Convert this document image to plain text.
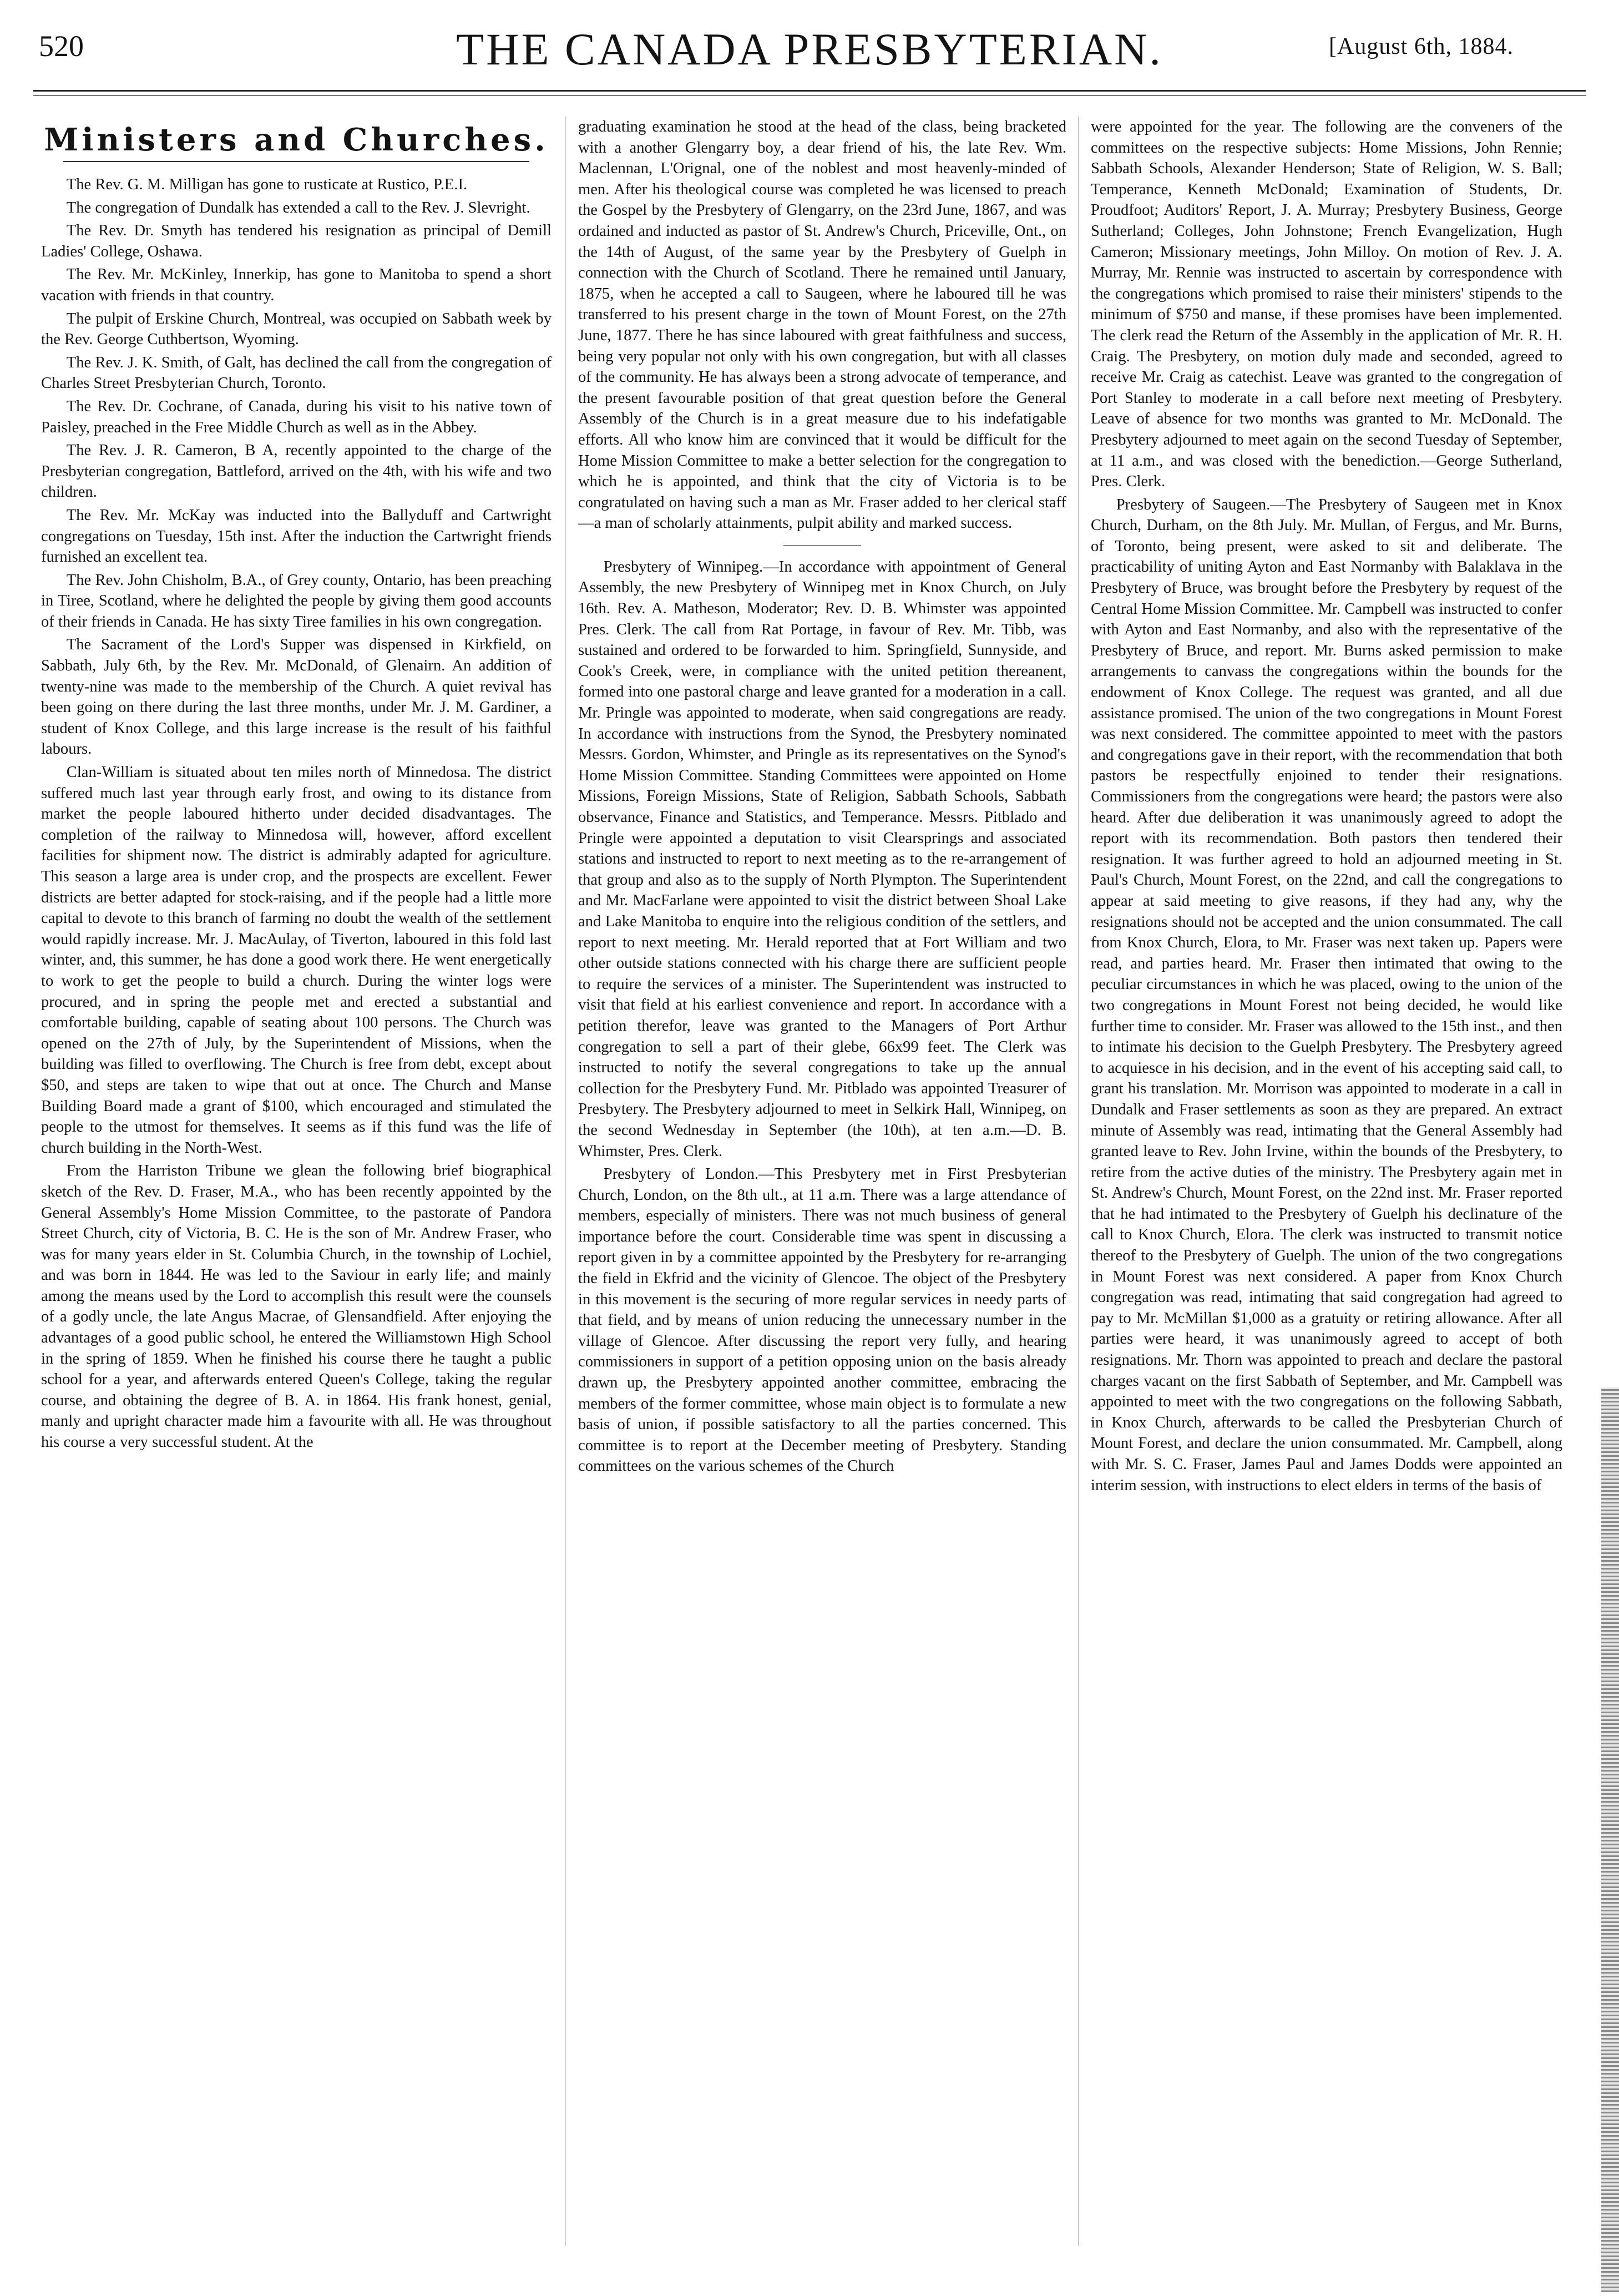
520	THE CANADA PRESBYTERIAN.	[August 6th, 1884.
Ministers and Churches.

The Rev. G. M. Milligan has gone to rusticate at Rustico, P.E.I.

The congregation of Dundalk has extended a call to the Rev. J. Slevright.

The Rev. Dr. Smyth has tendered his resignation as principal of Demill Ladies' College, Oshawa.

The Rev. Mr. McKinley, Innerkip, has gone to Manitoba to spend a short vacation with friends in that country.

The pulpit of Erskine Church, Montreal, was occupied on Sabbath week by the Rev. George Cuthbertson, Wyoming.

The Rev. J. K. Smith, of Galt, has declined the call from the congregation of Charles Street Presbyterian Church, Toronto.

The Rev. Dr. Cochrane, of Canada, during his visit to his native town of Paisley, preached in the Free Middle Church as well as in the Abbey.

The Rev. J. R. Cameron, B A, recently appointed to the charge of the Presbyterian congregation, Battleford, arrived on the 4th, with his wife and two children.

The Rev. Mr. McKay was inducted into the Ballyduff and Cartwright congregations on Tuesday, 15th inst. After the induction the Cartwright friends furnished an excellent tea.

The Rev. John Chisholm, B.A., of Grey county, Ontario, has been preaching in Tiree, Scotland, where he delighted the people by giving them good accounts of their friends in Canada. He has sixty Tiree families in his own congregation.

The Sacrament of the Lord's Supper was dispensed in Kirkfield, on Sabbath, July 6th, by the Rev. Mr. McDonald, of Glenairn. An addition of twenty-nine was made to the membership of the Church. A quiet revival has been going on there during the last three months, under Mr. J. M. Gardiner, a student of Knox College, and this large increase is the result of his faithful labours.

Clan-William is situated about ten miles north of Minnedosa. The district suffered much last year through early frost, and owing to its distance from market the people laboured hitherto under decided disadvantages. The completion of the railway to Minnedosa will, however, afford excellent facilities for shipment now. The district is admirably adapted for agriculture. This season a large area is under crop, and the prospects are excellent. Fewer districts are better adapted for stock-raising, and if the people had a little more capital to devote to this branch of farming no doubt the wealth of the settlement would rapidly increase. Mr. J. MacAulay, of Tiverton, laboured in this fold last winter, and, this summer, he has done a good work there. He went energetically to work to get the people to build a church. During the winter logs were procured, and in spring the people met and erected a substantial and comfortable building, capable of seating about 100 persons. The Church was opened on the 27th of July, by the Superintendent of Missions, when the building was filled to overflowing. The Church is free from debt, except about $50, and steps are taken to wipe that out at once. The Church and Manse Building Board made a grant of $100, which encouraged and stimulated the people to the utmost for themselves. It seems as if this fund was the life of church building in the North-West.

From the Harriston Tribune we glean the following brief biographical sketch of the Rev. D. Fraser, M.A., who has been recently appointed by the General Assembly's Home Mission Committee, to the pastorate of Pandora Street Church, city of Victoria, B. C. He is the son of Mr. Andrew Fraser, who was for many years elder in St. Columbia Church, in the township of Lochiel, and was born in 1844. He was led to the Saviour in early life; and mainly among the means used by the Lord to accomplish this result were the counsels of a godly uncle, the late Angus Macrae, of Glensandfield. After enjoying the advantages of a good public school, he entered the Williamstown High School in the spring of 1859. When he finished his course there he taught a public school for a year, and afterwards entered Queen's College, taking the regular course, and obtaining the degree of B. A. in 1864. His frank honest, genial, manly and upright character made him a favourite with all. He was throughout his course a very successful student. At the

graduating examination he stood at the head of the class, being bracketed with a another Glengarry boy, a dear friend of his, the late Rev. Wm. Maclennan, L'Orignal, one of the noblest and most heavenly-minded of men. After his theological course was completed he was licensed to preach the Gospel by the Presbytery of Glengarry, on the 23rd June, 1867, and was ordained and inducted as pastor of St. Andrew's Church, Priceville, Ont., on the 14th of August, of the same year by the Presbytery of Guelph in connection with the Church of Scotland. There he remained until January, 1875, when he accepted a call to Saugeen, where he laboured till he was transferred to his present charge in the town of Mount Forest, on the 27th June, 1877. There he has since laboured with great faithfulness and success, being very popular not only with his own congregation, but with all classes of the community. He has always been a strong advocate of temperance, and the present favourable position of that great question before the General Assembly of the Church is in a great measure due to his indefatigable efforts. All who know him are convinced that it would be difficult for the Home Mission Committee to make a better selection for the congregation to which he is appointed, and think that the city of Victoria is to be congratulated on having such a man as Mr. Fraser added to her clerical staff—a man of scholarly attainments, pulpit ability and marked success.

Presbytery of Winnipeg.—In accordance with appointment of General Assembly, the new Presbytery of Winnipeg met in Knox Church, on July 16th. Rev. A. Matheson, Moderator; Rev. D. B. Whimster was appointed Pres. Clerk. The call from Rat Portage, in favour of Rev. Mr. Tibb, was sustained and ordered to be forwarded to him. Springfield, Sunnyside, and Cook's Creek, were, in compliance with the united petition thereanent, formed into one pastoral charge and leave granted for a moderation in a call. Mr. Pringle was appointed to moderate, when said congregations are ready. In accordance with instructions from the Synod, the Presbytery nominated Messrs. Gordon, Whimster, and Pringle as its representatives on the Synod's Home Mission Committee. Standing Committees were appointed on Home Missions, Foreign Missions, State of Religion, Sabbath Schools, Sabbath observance, Finance and Statistics, and Temperance. Messrs. Pitblado and Pringle were appointed a deputation to visit Clearsprings and associated stations and instructed to report to next meeting as to the re-arrangement of that group and also as to the supply of North Plympton. The Superintendent and Mr. MacFarlane were appointed to visit the district between Shoal Lake and Lake Manitoba to enquire into the religious condition of the settlers, and report to next meeting. Mr. Herald reported that at Fort William and two other outside stations connected with his charge there are sufficient people to require the services of a minister. The Superintendent was instructed to visit that field at his earliest convenience and report. In accordance with a petition therefor, leave was granted to the Managers of Port Arthur congregation to sell a part of their glebe, 66x99 feet. The Clerk was instructed to notify the several congregations to take up the annual collection for the Presbytery Fund. Mr. Pitblado was appointed Treasurer of Presbytery. The Presbytery adjourned to meet in Selkirk Hall, Winnipeg, on the second Wednesday in September (the 10th), at ten a.m.—D. B. Whimster, Pres. Clerk.

Presbytery of London.—This Presbytery met in First Presbyterian Church, London, on the 8th ult., at 11 a.m. There was a large attendance of members, especially of ministers. There was not much business of general importance before the court. Considerable time was spent in discussing a report given in by a committee appointed by the Presbytery for re-arranging the field in Ekfrid and the vicinity of Glencoe. The object of the Presbytery in this movement is the securing of more regular services in needy parts of that field, and by means of union reducing the unnecessary number in the village of Glencoe. After discussing the report very fully, and hearing commissioners in support of a petition opposing union on the basis already drawn up, the Presbytery appointed another committee, embracing the members of the former committee, whose main object is to formulate a new basis of union, if possible satisfactory to all the parties concerned. This committee is to report at the December meeting of Presbytery. Standing committees on the various schemes of the Church

were appointed for the year. The following are the conveners of the committees on the respective subjects: Home Missions, John Rennie; Sabbath Schools, Alexander Henderson; State of Religion, W. S. Ball; Temperance, Kenneth McDonald; Examination of Students, Dr. Proudfoot; Auditors' Report, J. A. Murray; Presbytery Business, George Sutherland; Colleges, John Johnstone; French Evangelization, Hugh Cameron; Missionary meetings, John Milloy. On motion of Rev. J. A. Murray, Mr. Rennie was instructed to ascertain by correspondence with the congregations which promised to raise their ministers' stipends to the minimum of $750 and manse, if these promises have been implemented. The clerk read the Return of the Assembly in the application of Mr. R. H. Craig. The Presbytery, on motion duly made and seconded, agreed to receive Mr. Craig as catechist. Leave was granted to the congregation of Port Stanley to moderate in a call before next meeting of Presbytery. Leave of absence for two months was granted to Mr. McDonald. The Presbytery adjourned to meet again on the second Tuesday of September, at 11 a.m., and was closed with the benediction.—George Sutherland, Pres. Clerk.

Presbytery of Saugeen.—The Presbytery of Saugeen met in Knox Church, Durham, on the 8th July. Mr. Mullan, of Fergus, and Mr. Burns, of Toronto, being present, were asked to sit and deliberate. The practicability of uniting Ayton and East Normanby with Balaklava in the Presbytery of Bruce, was brought before the Presbytery by request of the Central Home Mission Committee. Mr. Campbell was instructed to confer with Ayton and East Normanby, and also with the representative of the Presbytery of Bruce, and report. Mr. Burns asked permission to make arrangements to canvass the congregations within the bounds for the endowment of Knox College. The request was granted, and all due assistance promised. The union of the two congregations in Mount Forest was next considered. The committee appointed to meet with the pastors and congregations gave in their report, with the recommendation that both pastors be respectfully enjoined to tender their resignations. Commissioners from the congregations were heard; the pastors were also heard. After due deliberation it was unanimously agreed to adopt the report with its recommendation. Both pastors then tendered their resignation. It was further agreed to hold an adjourned meeting in St. Paul's Church, Mount Forest, on the 22nd, and call the congregations to appear at said meeting to give reasons, if they had any, why the resignations should not be accepted and the union consummated. The call from Knox Church, Elora, to Mr. Fraser was next taken up. Papers were read, and parties heard. Mr. Fraser then intimated that owing to the peculiar circumstances in which he was placed, owing to the union of the two congregations in Mount Forest not being decided, he would like further time to consider. Mr. Fraser was allowed to the 15th inst., and then to intimate his decision to the Guelph Presbytery. The Presbytery agreed to acquiesce in his decision, and in the event of his accepting said call, to grant his translation. Mr. Morrison was appointed to moderate in a call in Dundalk and Fraser settlements as soon as they are prepared. An extract minute of Assembly was read, intimating that the General Assembly had granted leave to Rev. John Irvine, within the bounds of the Presbytery, to retire from the active duties of the ministry. The Presbytery again met in St. Andrew's Church, Mount Forest, on the 22nd inst. Mr. Fraser reported that he had intimated to the Presbytery of Guelph his declinature of the call to Knox Church, Elora. The clerk was instructed to transmit notice thereof to the Presbytery of Guelph. The union of the two congregations in Mount Forest was next considered. A paper from Knox Church congregation was read, intimating that said congregation had agreed to pay to Mr. McMillan $1,000 as a gratuity or retiring allowance. After all parties were heard, it was unanimously agreed to accept of both resignations. Mr. Thorn was appointed to preach and declare the pastoral charges vacant on the first Sabbath of September, and Mr. Campbell was appointed to meet with the two congregations on the following Sabbath, in Knox Church, afterwards to be called the Presbyterian Church of Mount Forest, and declare the union consummated. Mr. Campbell, along with Mr. S. C. Fraser, James Paul and James Dodds were appointed an interim session, with instructions to elect elders in terms of the basis of
